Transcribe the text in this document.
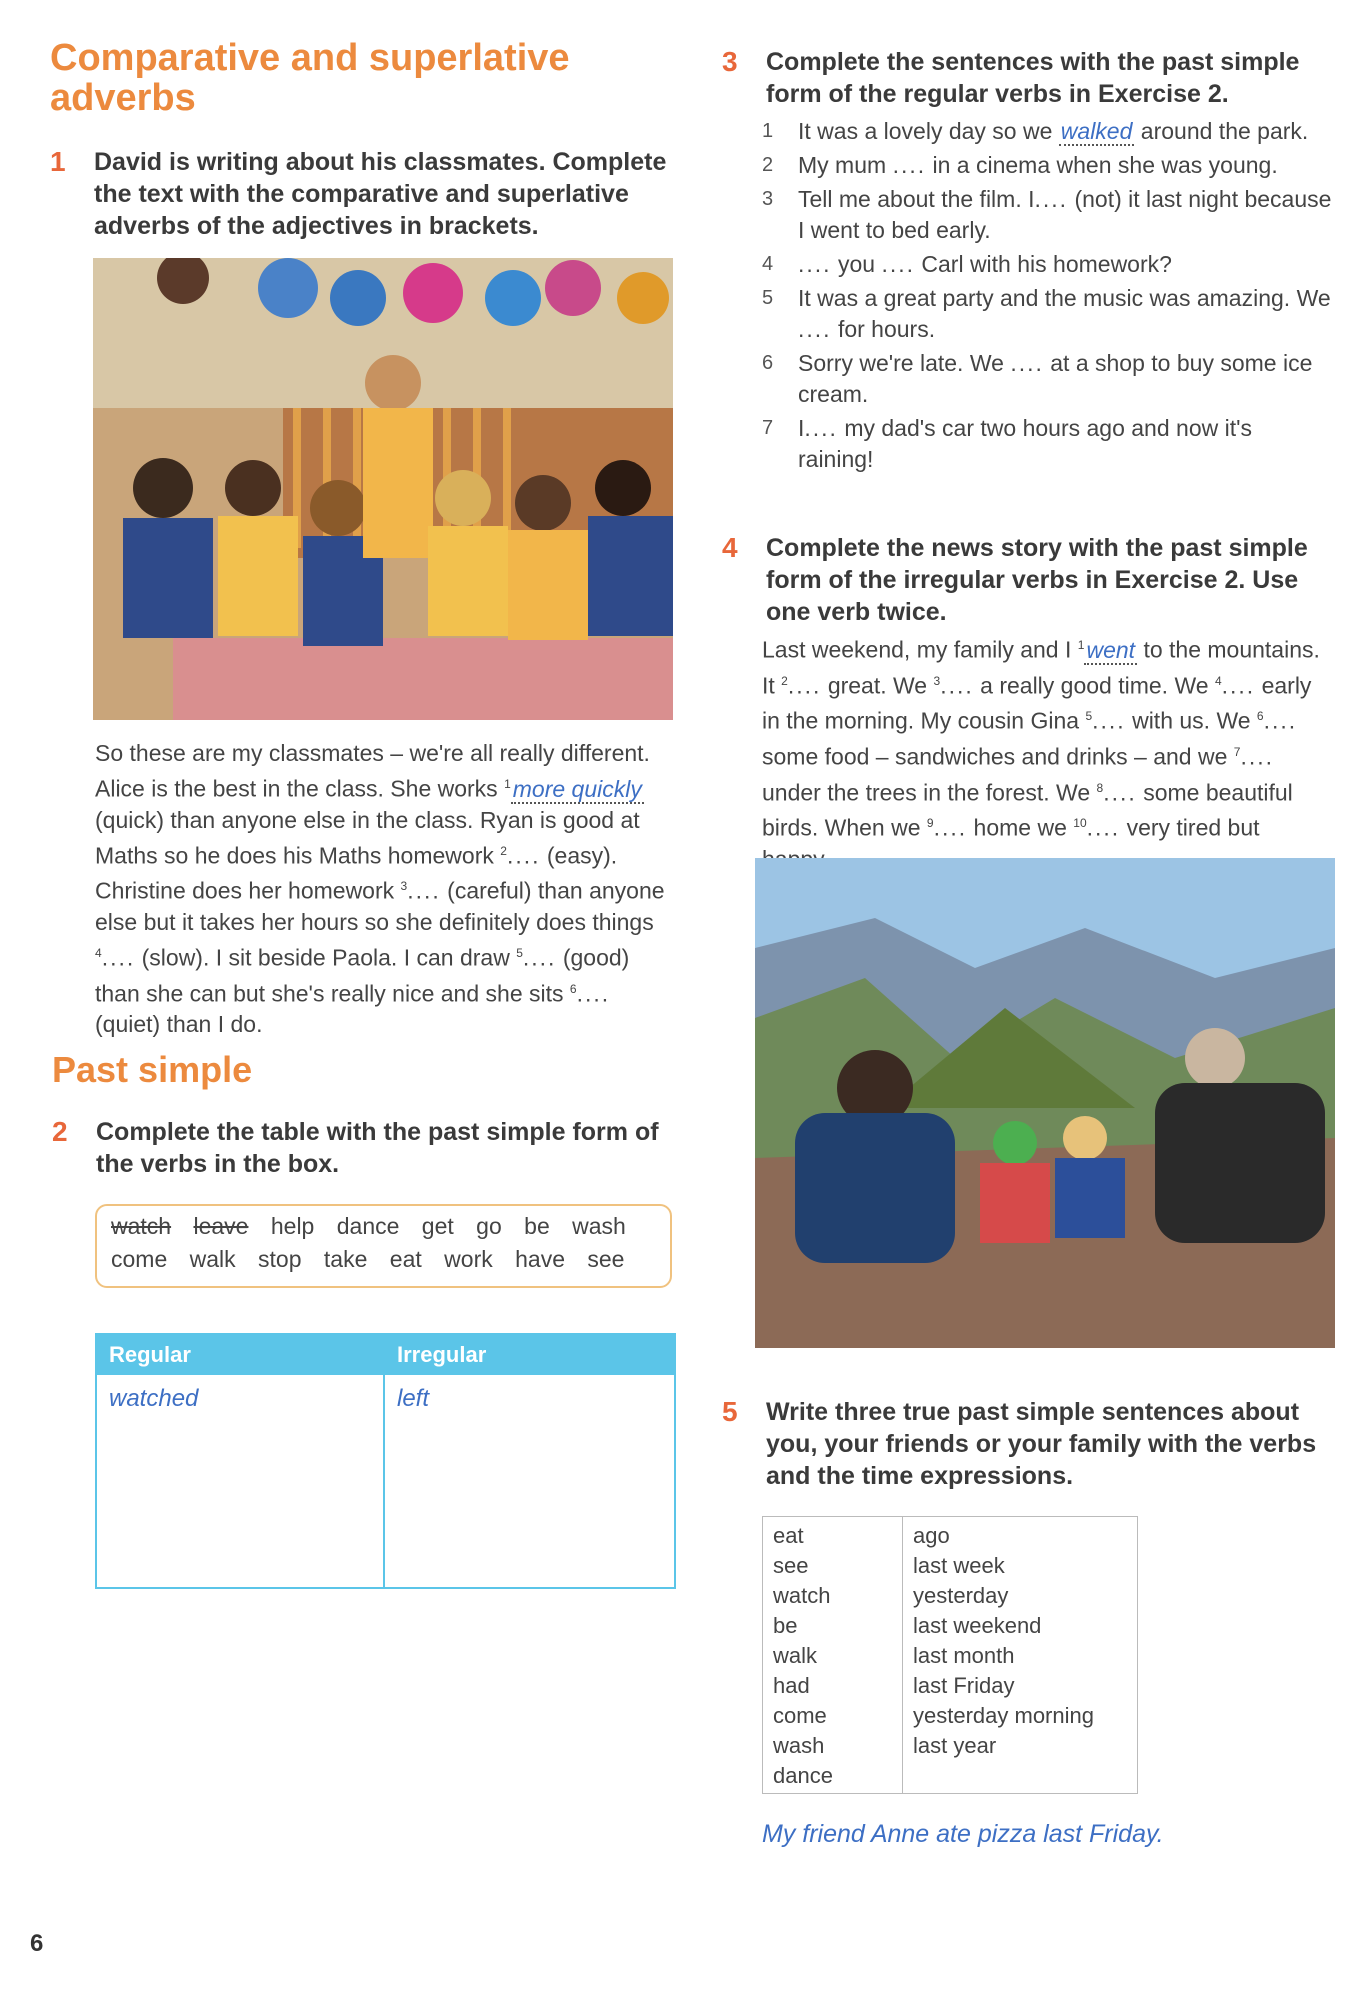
Comparative and superlative adverbs
1 David is writing about his classmates. Complete the text with the comparative and superlative adverbs of the adjectives in brackets.
So these are my classmates – we're all really different. Alice is the best in the class. She works $^1$more quickly (quick) than anyone else in the class. Ryan is good at Maths so he does his Maths homework $^2$.... (easy). Christine does her homework $^3$.... (careful) than anyone else but it takes her hours so she definitely does things $^4$.... (slow). I sit beside Paola. I can draw $^5$.... (good) than she can but she's really nice and she sits $^6$.... (quiet) than I do.
Past simple
2 Complete the table with the past simple form of the verbs in the box.
watch leave help dance get go be wash
come walk stop take eat work have see
Regular
watched
Irregular
left
6
3 Complete the sentences with the past simple form of the regular verbs in Exercise 2.
1 It was a lovely day so we walked around the park.
2 My mum .... in a cinema when she was young.
3 Tell me about the film. I.... (not) it last night because I went to bed early.
4 .... you .... Carl with his homework?
5 It was a great party and the music was amazing. We .... for hours.
6 Sorry we're late. We .... at a shop to buy some ice cream.
7 I.... my dad's car two hours ago and now it's raining!
4 Complete the news story with the past simple form of the irregular verbs in Exercise 2. Use one verb twice.
Last weekend, my family and I $^1$went to the mountains. It $^2$.... great. We $^3$.... a really good time. We $^4$.... early in the morning. My cousin Gina $^5$.... with us. We $^6$.... some food – sandwiches and drinks – and we $^7$.... under the trees in the forest. We $^8$.... some beautiful birds. When we $^9$.... home we $^{10}$.... very tired but
5 Write three true past simple sentences about you, your friends or your family with the verbs and the time expressions.
eat
see
watch
be
walk
had
come
wash
dance
ago
last week
yesterday
last weekend
last month
last Friday
yesterday morning
last year
My friend Anne ate pizza last Friday.
